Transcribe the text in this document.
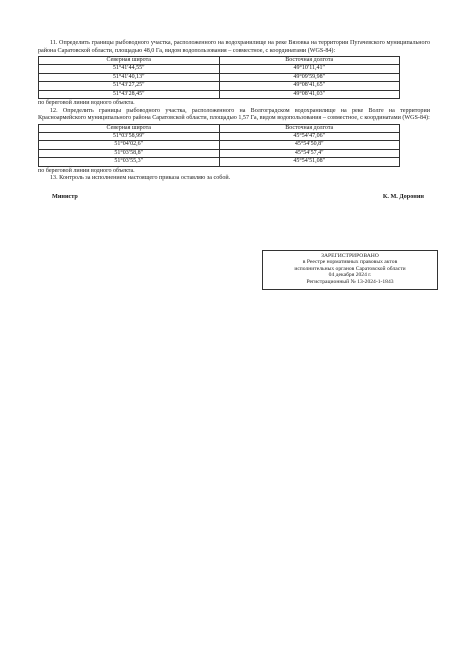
11. Определить границы рыбоводного участка, расположенного на водохранилище на реке Вязовка на территории Пугачевского муниципального района Саратовской области, площадью 48,0 Га, видом водопользования – совместное, с координатами (WGS-84):

Северная широта	Восточная долгота
51°41′44,55″	49°10′11,41″
51°41′40,13″	49°09′59,98″
51°43′27,25″	49°08′41,65″
51°43′28,45″	49°08′41,03″

по береговой линии водного объекта.

12. Определить границы рыбоводного участка, расположенного на Волгоградском водохранилище на реке Волге на территории Красноармейского муниципального района Саратовской области, площадью 1,57 Га, видом водопользования – совместное, с координатами (WGS-84):

Северная широта	Восточная долгота
51°03′58,99″	45°54′47,06″
51°04′02,6″	45°54′50,8″
51°03′58,8″	45°54′57,4″
51°03′55,3″	45°54′51,08″

по береговой линии водного объекта.

13. Контроль за исполнением настоящего приказа оставляю за собой.

Министр	К. М. Доронин
ЗАРЕГИСТРИРОВАНО
в Реестре нормативных правовых актов
исполнительных органов Саратовской области
04 декабря 2024 г.
Регистрационный № 13-2024-1-1843
